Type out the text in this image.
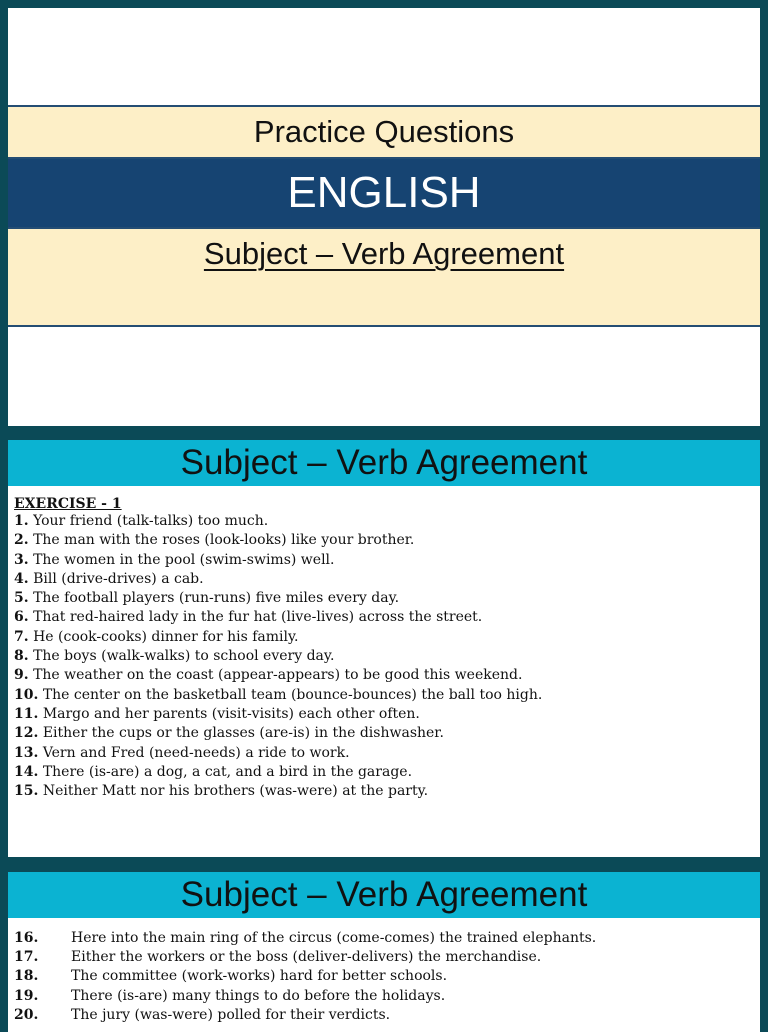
Practice Questions
ENGLISH
Subject – Verb Agreement
Subject – Verb Agreement
EXERCISE - 1
1. Your friend (talk-talks) too much.
2. The man with the roses (look-looks) like your brother.
3. The women in the pool (swim-swims) well.
4. Bill (drive-drives) a cab.
5. The football players (run-runs) five miles every day.
6. That red-haired lady in the fur hat (live-lives) across the street.
7. He (cook-cooks) dinner for his family.
8. The boys (walk-walks) to school every day.
9. The weather on the coast (appear-appears) to be good this weekend.
10. The center on the basketball team (bounce-bounces) the ball too high.
11. Margo and her parents (visit-visits) each other often.
12. Either the cups or the glasses (are-is) in the dishwasher.
13. Vern and Fred (need-needs) a ride to work.
14. There (is-are) a dog, a cat, and a bird in the garage.
15. Neither Matt nor his brothers (was-were) at the party.
Subject – Verb Agreement
16. Here into the main ring of the circus (come-comes) the trained elephants.
17. Either the workers or the boss (deliver-delivers) the merchandise.
18. The committee (work-works) hard for better schools.
19. There (is-are) many things to do before the holidays.
20. The jury (was-were) polled for their verdicts.
